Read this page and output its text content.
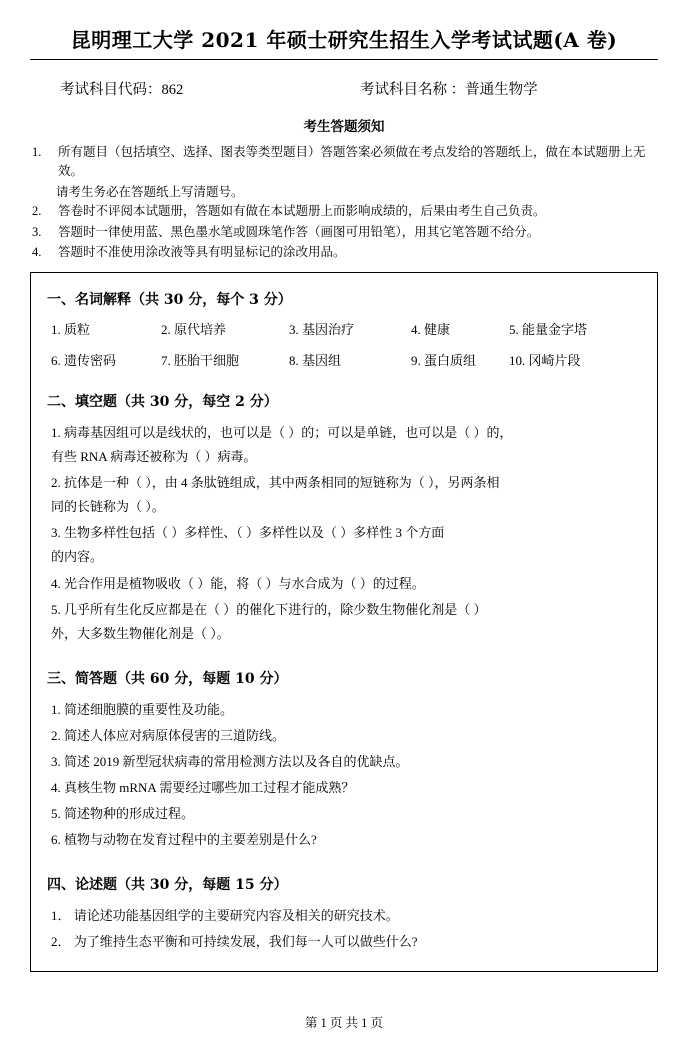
昆明理工大学 2021 年硕士研究生招生入学考试试题(A 卷)
考试科目代码：862	考试科目名称 ：普通生物学
考生答题须知
1.	所有题目（包括填空、选择、图表等类型题目）答题答案必须做在考点发给的答题纸上，做在本试题册上无效。
请考生务必在答题纸上写清题号。
2.	答卷时不评阅本试题册，答题如有做在本试题册上而影响成绩的，后果由考生自己负责。
3.	答题时一律使用蓝、黑色墨水笔或圆珠笔作答（画图可用铅笔），用其它笔答题不给分。
4.	答题时不准使用涂改液等具有明显标记的涂改用品。
一、名词解释（共 30 分，每个 3 分）
1. 质粒	2. 原代培养	3. 基因治疗	4. 健康	5. 能量金字塔
6. 遗传密码	7. 胚胎干细胞	8. 基因组	9. 蛋白质组	10. 冈崎片段
二、填空题（共 30 分，每空 2 分）
1. 病毒基因组可以是线状的，也可以是（ ）的；可以是单链，也可以是（ ）的，
有些 RNA 病毒还被称为（ ）病毒。
2. 抗体是一种（ ），由 4 条肽链组成，其中两条相同的短链称为（ ），另两条相
同的长链称为（ ）。
3. 生物多样性包括（ ）多样性、（ ）多样性以及（ ）多样性 3 个方面
的内容。
4. 光合作用是植物吸收（ ）能，将（ ）与水合成为（ ）的过程。
5. 几乎所有生化反应都是在（ ）的催化下进行的，除少数生物催化剂是（ ）
外，大多数生物催化剂是（ ）。
三、简答题（共 60 分，每题 10 分）
1. 简述细胞膜的重要性及功能。
2. 简述人体应对病原体侵害的三道防线。
3. 简述 2019 新型冠状病毒的常用检测方法以及各自的优缺点。
4. 真核生物 mRNA 需要经过哪些加工过程才能成熟？
5. 简述物种的形成过程。
6. 植物与动物在发育过程中的主要差别是什么?
四、论述题（共 30 分，每题 15 分）
1． 请论述功能基因组学的主要研究内容及相关的研究技术。
2． 为了维持生态平衡和可持续发展，我们每一人可以做些什么?
第 1 页 共 1 页
